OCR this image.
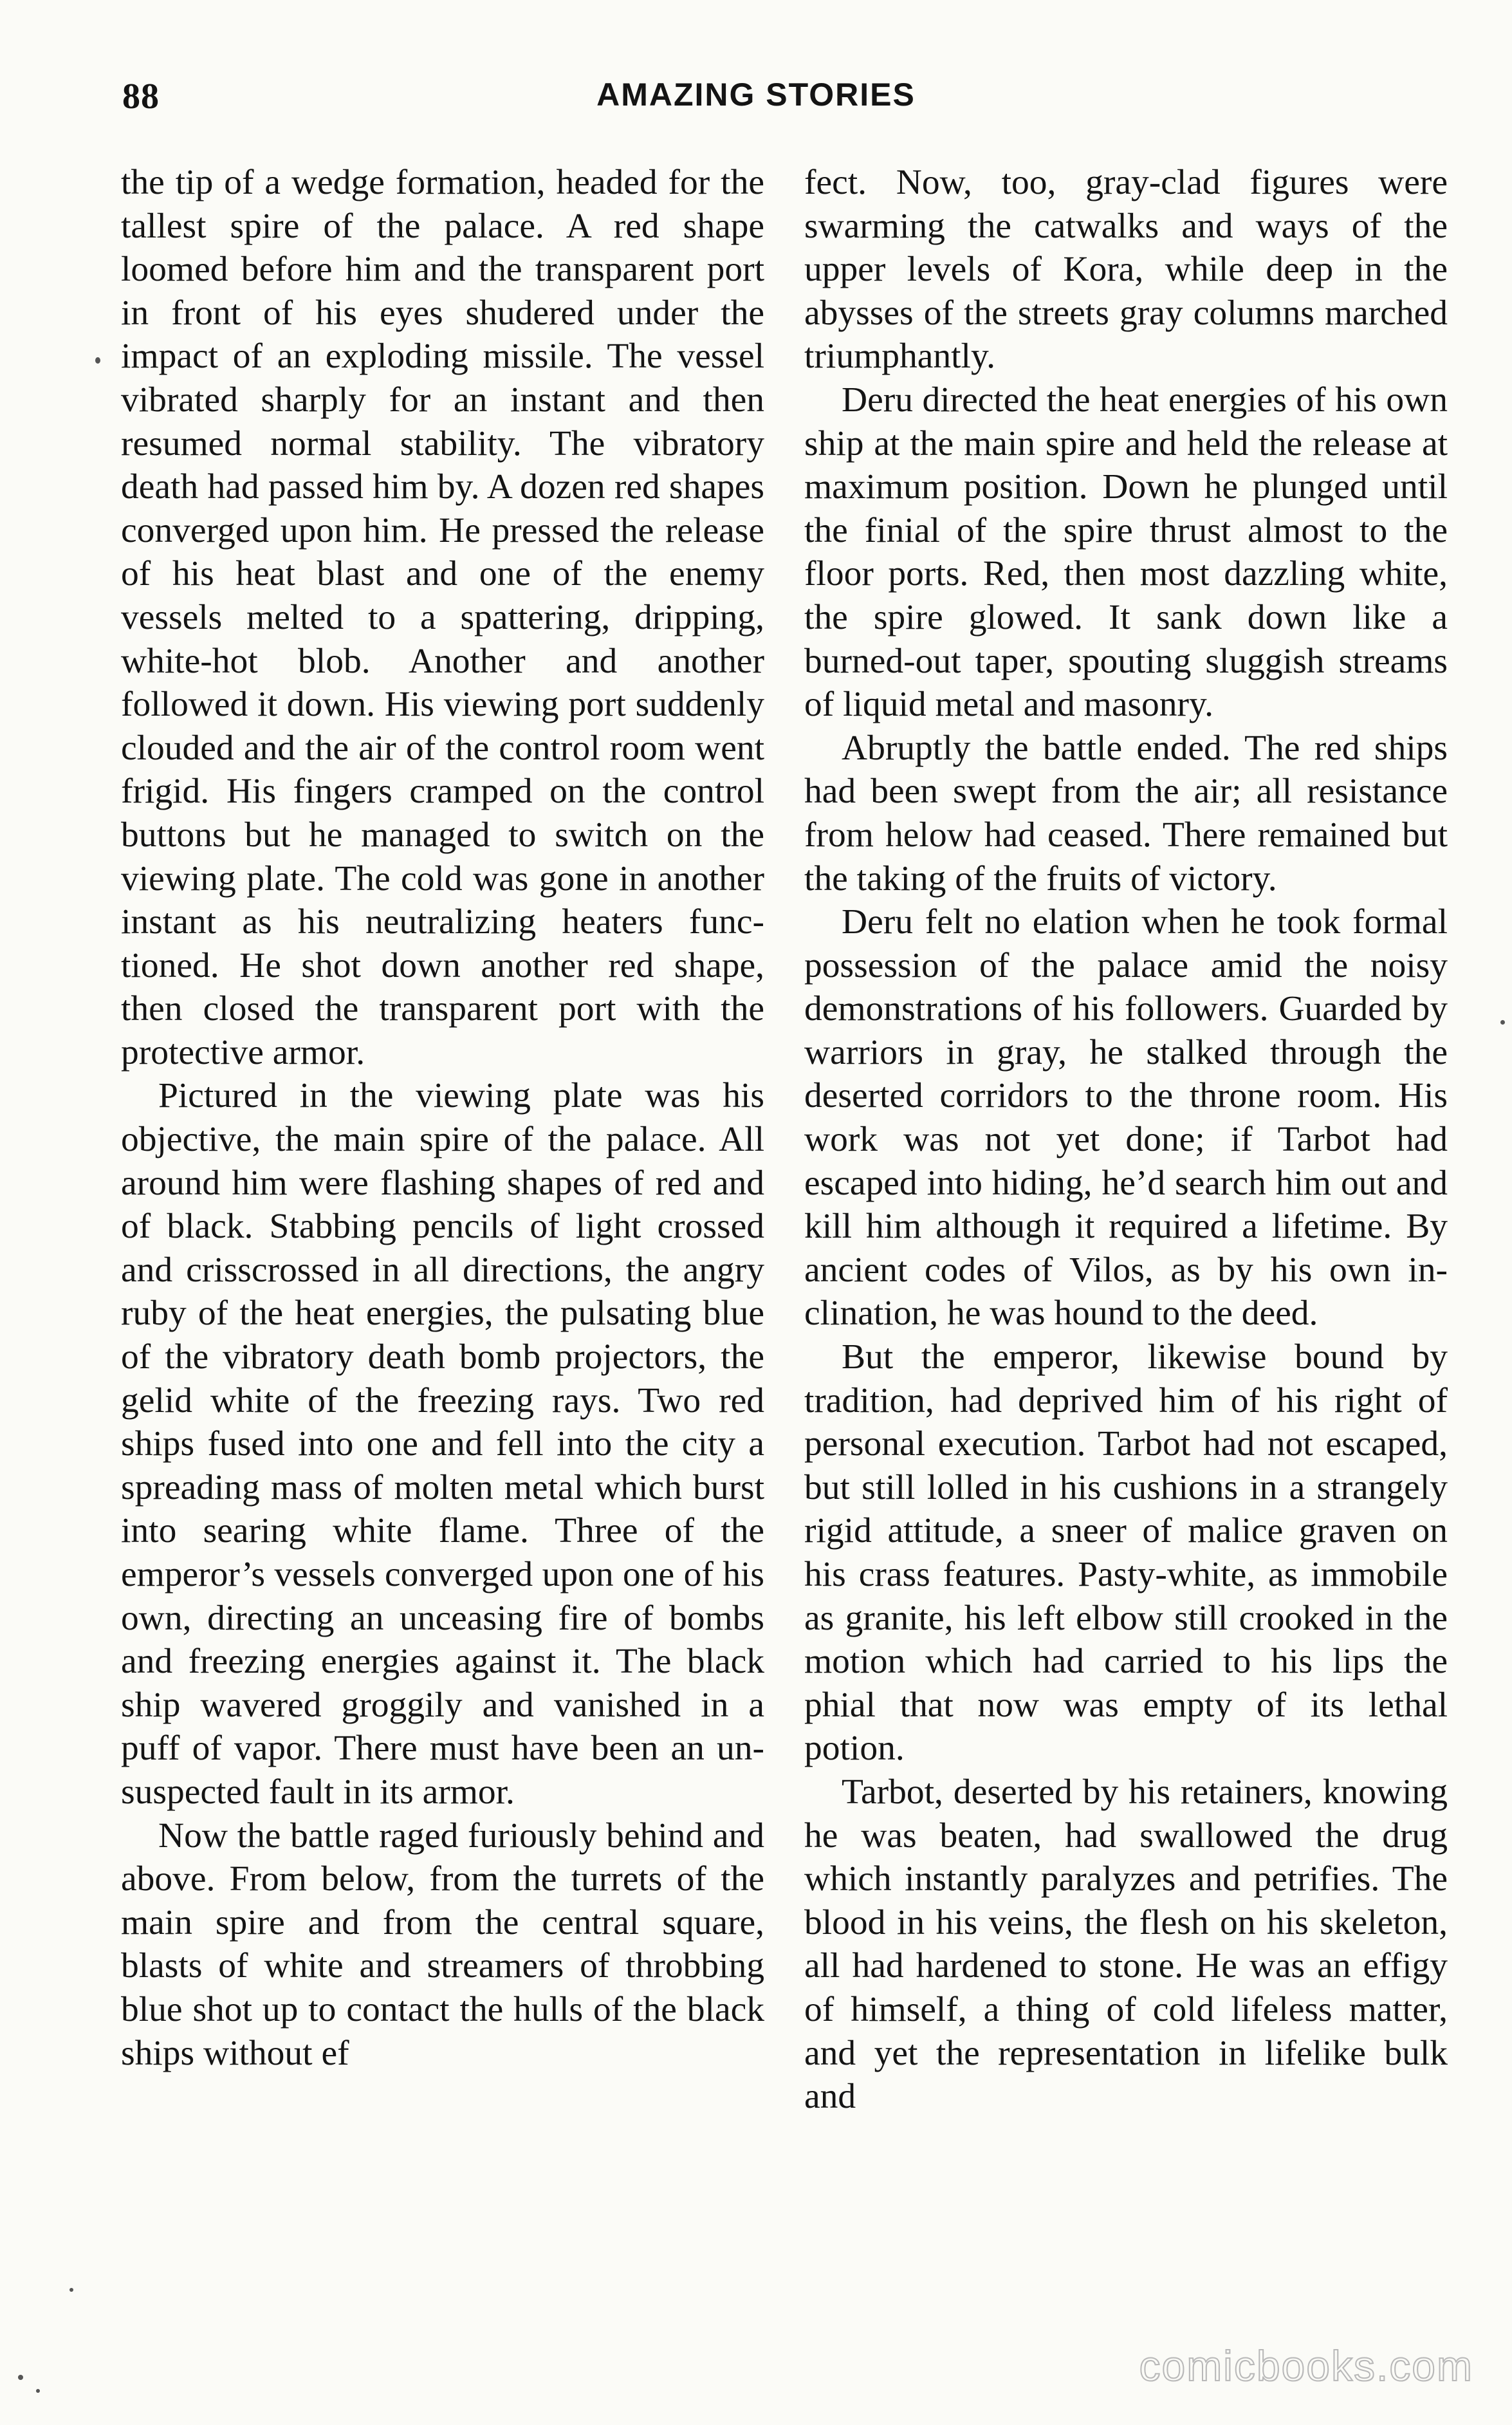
88	AMAZING STORIES

the tip of a wedge formation, headed for the tallest spire of the palace. A red shape loomed before him and the transparent port in front of his eyes shudered under the impact of an exploding missile. The vessel vibrated sharply for an instant and then resumed normal stability. The vibratory death had passed him by. A dozen red shapes converged upon him. He pressed the release of his heat blast and one of the enemy vessels melted to a spattering, dripping, white-hot blob. Another and another followed it down. His viewing port suddenly clouded and the air of the control room went frigid. His fingers cramped on the control buttons but he managed to switch on the viewing plate. The cold was gone in another instant as his neutralizing heaters functioned. He shot down another red shape, then closed the transparent port with the protective armor.

Pictured in the viewing plate was his objective, the main spire of the palace. All around him were flashing shapes of red and of black. Stabbing pencils of light crossed and crisscrossed in all directions, the angry ruby of the heat energies, the pulsating blue of the vibratory death bomb projectors, the gelid white of the freezing rays. Two red ships fused into one and fell into the city a spreading mass of molten metal which burst into searing white flame. Three of the emperor’s vessels converged upon one of his own, directing an unceasing fire of bombs and freezing energies against it. The black ship wavered groggily and vanished in a puff of vapor. There must have been an unsuspected fault in its armor.

Now the battle raged furiously behind and above. From below, from the turrets of the main spire and from the central square, blasts of white and streamers of throbbing blue shot up to contact the hulls of the black ships without ef

fect. Now, too, gray-clad figures were swarming the catwalks and ways of the upper levels of Kora, while deep in the abysses of the streets gray columns marched triumphantly.

Deru directed the heat energies of his own ship at the main spire and held the release at maximum position. Down he plunged until the finial of the spire thrust almost to the floor ports. Red, then most dazzling white, the spire glowed. It sank down like a burned-out taper, spouting sluggish streams of liquid metal and masonry.

Abruptly the battle ended. The red ships had been swept from the air; all resistance from helow had ceased. There remained but the taking of the fruits of victory.

Deru felt no elation when he took formal possession of the palace amid the noisy demonstrations of his followers. Guarded by warriors in gray, he stalked through the deserted corridors to the throne room. His work was not yet done; if Tarbot had escaped into hiding, he’d search him out and kill him although it required a lifetime. By ancient codes of Vilos, as by his own inclination, he was hound to the deed.

But the emperor, likewise bound by tradition, had deprived him of his right of personal execution. Tarbot had not escaped, but still lolled in his cushions in a strangely rigid attitude, a sneer of malice graven on his crass features. Pasty-white, as immobile as granite, his left elbow still crooked in the motion which had carried to his lips the phial that now was empty of its lethal potion.

Tarbot, deserted by his retainers, knowing he was beaten, had swallowed the drug which instantly paralyzes and petrifies. The blood in his veins, the flesh on his skeleton, all had hardened to stone. He was an effigy of himself, a thing of cold lifeless matter, and yet the representation in lifelike bulk and

comicbooks.com
